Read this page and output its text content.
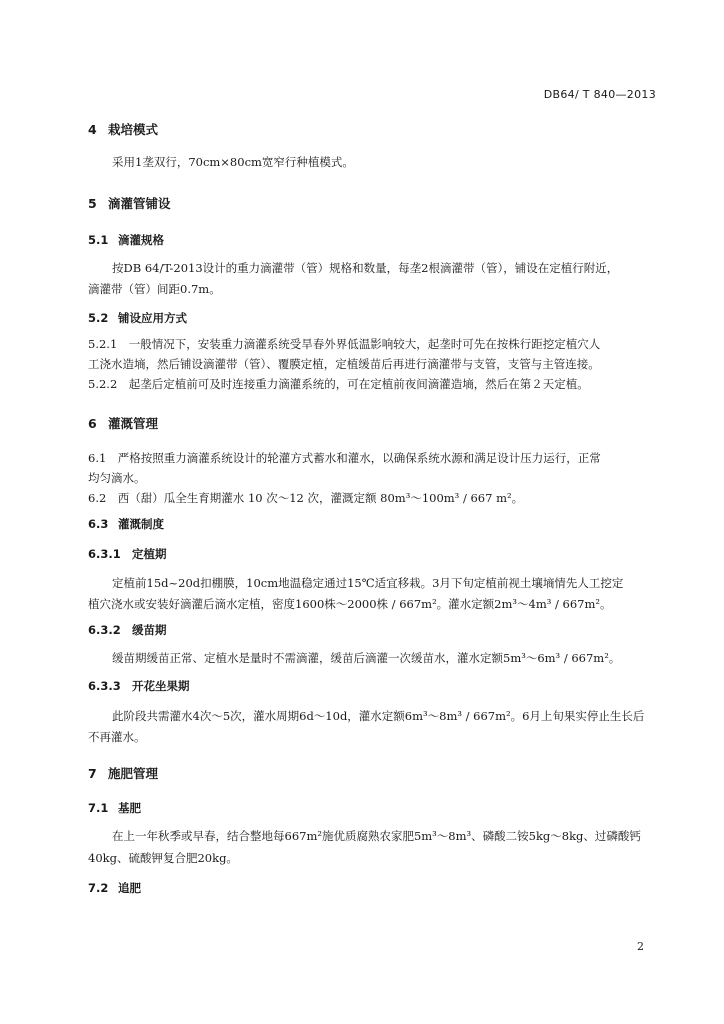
DB64/ T 840—2013
4 栽培模式
采用1垄双行，70cm×80cm宽窄行种植模式。
5 滴灌管铺设
5.1 滴灌规格
按DB 64/T-2013设计的重力滴灌带（管）规格和数量，每垄2根滴灌带（管），铺设在定植行附近，
滴灌带（管）间距0.7m。
5.2 铺设应用方式
5.2.1　一般情况下，安装重力滴灌系统受旱春外界低温影响较大，起垄时可先在按株行距挖定植穴人
工浇水造墒，然后铺设滴灌带（管）、覆膜定植，定植缓苗后再进行滴灌带与支管，支管与主管连接。
5.2.2　起垄后定植前可及时连接重力滴灌系统的，可在定植前夜间滴灌造墒，然后在第２天定植。
6 灌溉管理
6.1　严格按照重力滴灌系统设计的轮灌方式蓄水和灌水，以确保系统水源和满足设计压力运行，正常
均匀滴水。
6.2　西（甜）瓜全生育期灌水 10 次～12 次，灌溉定额 80m³～100m³ / 667 m²。
6.3 灌溉制度
6.3.1 定植期
定植前15d~20d扣棚膜，10cm地温稳定通过15℃适宜移栽。3月下旬定植前视土壤墒情先人工挖定
植穴浇水或安装好滴灌后滴水定植，密度1600株～2000株 / 667m²。灌水定额2m³～4m³ / 667m²。
6.3.2 缓苗期
缓苗期缓苗正常、定植水是量时不需滴灌，缓苗后滴灌一次缓苗水，灌水定额5m³～6m³ / 667m²。
6.3.3 开花坐果期
此阶段共需灌水4次～5次，灌水周期6d～10d，灌水定额6m³～8m³ / 667m²。6月上旬果实停止生长后
不再灌水。
7 施肥管理
7.1 基肥
在上一年秋季或早春，结合整地每667m²施优质腐熟农家肥5m³～8m³、磷酸二铵5kg～8kg、过磷酸钙
40kg、硫酸钾复合肥20kg。
7.2 追肥
2
